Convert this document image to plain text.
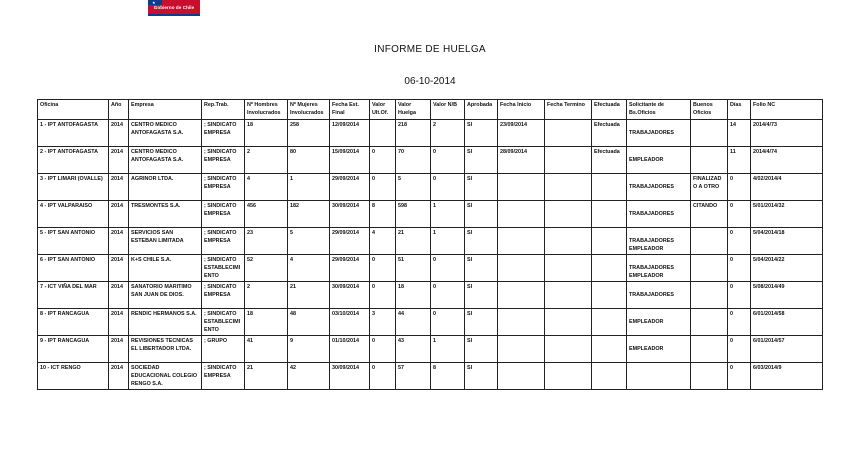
Gobierno de Chile
★
INFORME DE HUELGA
06-10-2014
Oficina	Año	Empresa	Rep.Trab.	Nº Hombres Involucrados	Nº Mujeres Involucrados	Fecha Est. Final	Valor Ult.Of.	Valor Huelga	Valor N/B	Aprobada	Fecha Inicio	Fecha Termino	Efectuada	Solicitante de Bs.Oficios	Buenos Oficios	Días	Folio NC
1 - IPT ANTOFAGASTA	2014	CENTRO MEDICO ANTOFAGASTA S.A.	; SINDICATO EMPRESA	18	258	12/09/2014		218	2	SI	23/09/2014		Efectuada	TRABAJADORES		14	2014/4/73
2 - IPT ANTOFAGASTA	2014	CENTRO MEDICO ANTOFAGASTA S.A.	; SINDICATO EMPRESA	2	80	15/09/2014	0	70	0	SI	28/09/2014		Efectuada	EMPLEADOR		11	2014/4/74
3 - IPT LIMARI (OVALLE)	2014	AGRINOR LTDA.	; SINDICATO EMPRESA	4	1	29/09/2014	0	5	0	SI				TRABAJADORES	FINALIZADO A OTRO	0	4/02/2014/4
4 - IPT VALPARAISO	2014	TRESMONTES S.A.	; SINDICATO EMPRESA	456	182	30/09/2014	8	598	1	SI				TRABAJADORES	CITANDO	0	5/01/2014/32
5 - IPT SAN ANTONIO	2014	SERVICIOS SAN ESTEBAN LIMITADA	; SINDICATO EMPRESA	23	5	29/09/2014	4	21	1	SI				TRABAJADORES EMPLEADOR		0	5/04/2014/18
6 - IPT SAN ANTONIO	2014	K+S CHILE S.A.	; SINDICATO ESTABLECIMIENTO	52	4	29/09/2014	0	51	0	SI				TRABAJADORES EMPLEADOR		0	5/04/2014/22
7 - ICT VIÑA DEL MAR	2014	SANATORIO MARITIMO SAN JUAN DE DIOS.	; SINDICATO EMPRESA	2	21	30/09/2014	0	18	0	SI				TRABAJADORES		0	5/08/2014/49
8 - IPT RANCAGUA	2014	RENDIC HERMANOS S.A.	; SINDICATO ESTABLECIMIENTO	18	48	03/10/2014	3	44	0	SI				EMPLEADOR		0	6/01/2014/58
9 - IPT RANCAGUA	2014	REVISIONES TECNICAS EL LIBERTADOR LTDA.	; GRUPO	41	9	01/10/2014	0	43	1	SI				EMPLEADOR		0	6/01/2014/57
10 - ICT RENGO	2014	SOCIEDAD EDUCACIONAL COLEGIO RENGO S.A.	; SINDICATO EMPRESA	21	42	30/09/2014	0	57	8	SI						0	6/03/2014/9
